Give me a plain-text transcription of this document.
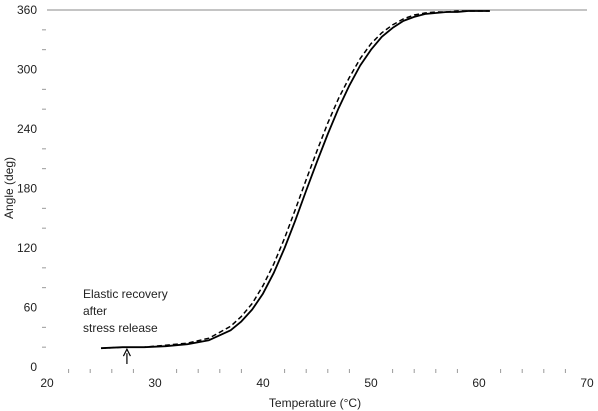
20	30	40	50	60	70
0
60
120
180
240
300
360
Elastic recovery
after
stress release
Temperature (°C)
Angle (deg)
